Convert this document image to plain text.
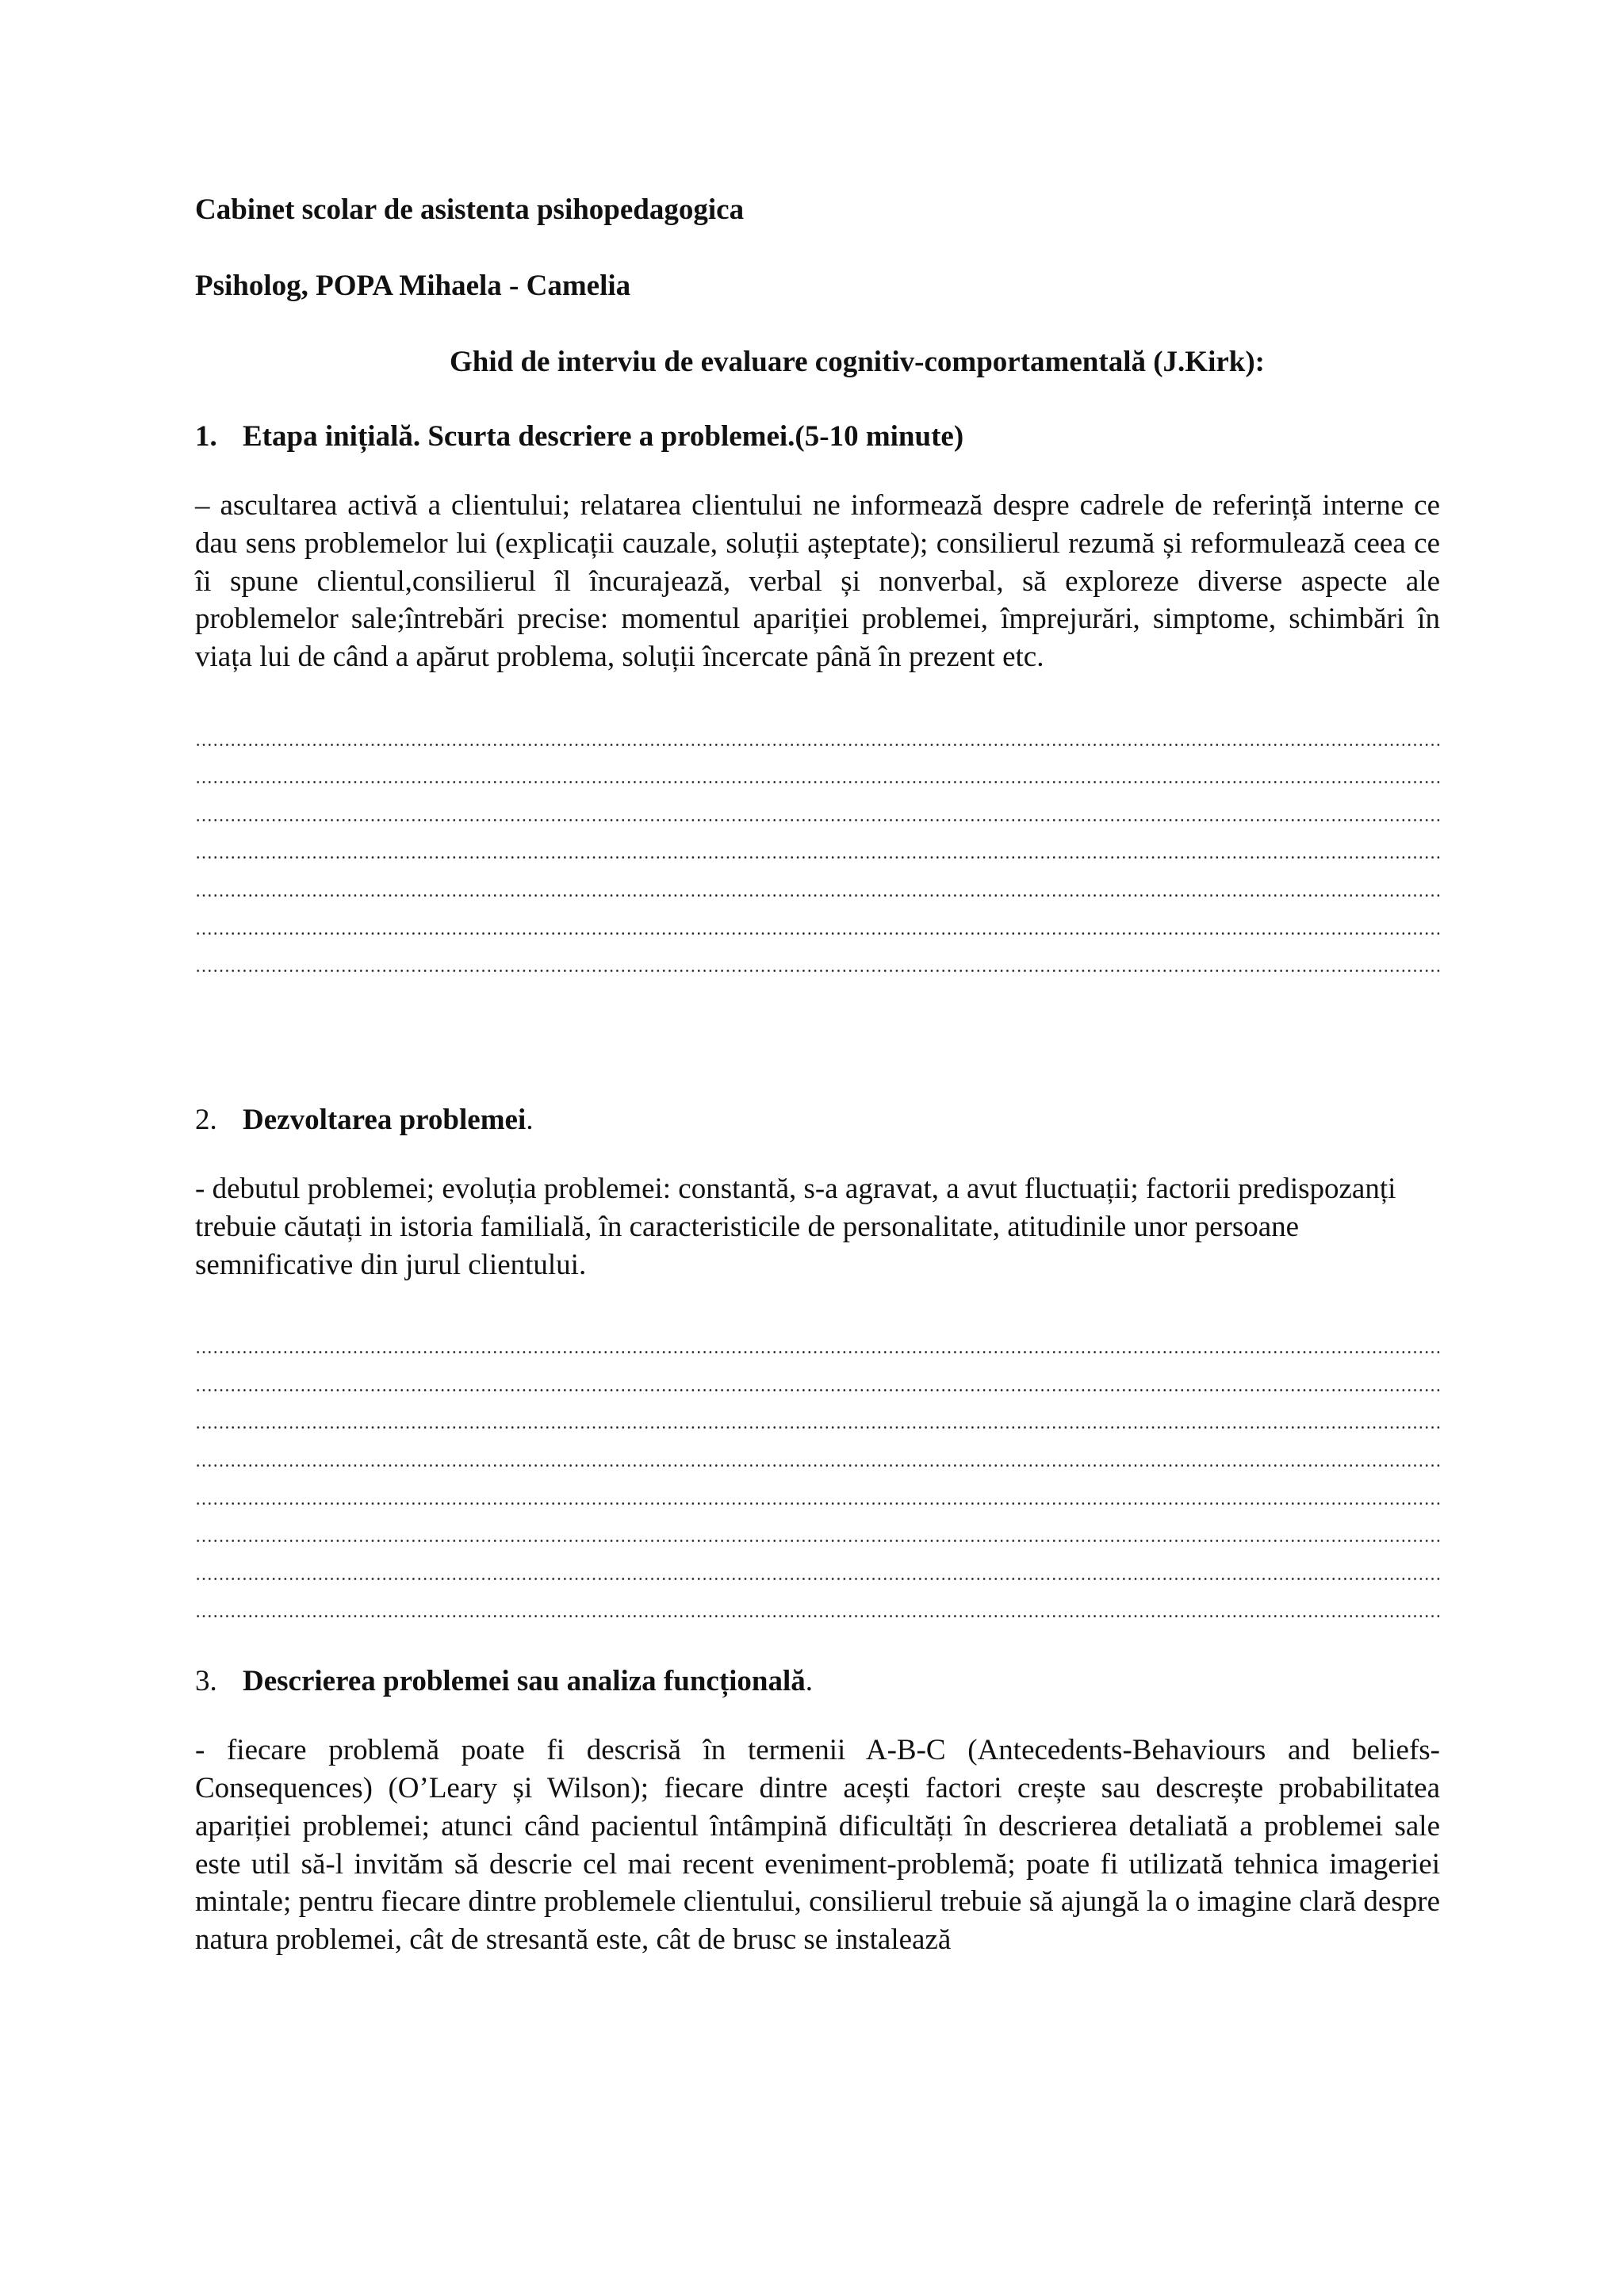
Cabinet scolar de asistenta psihopedagogica
Psiholog, POPA Mihaela - Camelia
Ghid de interviu de evaluare cognitiv-comportamentală (J.Kirk):
1. Etapa inițială. Scurta descriere a problemei.(5-10 minute)
– ascultarea activă a clientului; relatarea clientului ne informează despre cadrele de referință interne ce dau sens problemelor lui (explicații cauzale, soluții așteptate); consilierul rezumă și reformulează ceea ce îi spune clientul,consilierul îl încurajează, verbal și nonverbal, să exploreze diverse aspecte ale problemelor sale;întrebări precise: momentul apariției problemei, împrejurări, simptome, schimbări în viața lui de când a apărut problema, soluții încercate până în prezent etc.
2. Dezvoltarea problemei .
- debutul problemei; evoluția problemei: constantă, s-a agravat, a avut fluctuații; factorii predispozanți trebuie căutați in istoria familială, în caracteristicile de personalitate, atitudinile unor persoane semnificative din jurul clientului.
3. Descrierea problemei sau analiza funcțională .
- fiecare problemă poate fi descrisă în termenii A-B-C (Antecedents-Behaviours and beliefs-Consequences) (O’Leary și Wilson); fiecare dintre acești factori crește sau descrește probabilitatea apariției problemei; atunci când pacientul întâmpină dificultăți în descrierea detaliată a problemei sale este util să-l invităm să descrie cel mai recent eveniment-problemă; poate fi utilizată tehnica imageriei mintale; pentru fiecare dintre problemele clientului, consilierul trebuie să ajungă la o imagine clară despre natura problemei, cât de stresantă este, cât de brusc se instalează
